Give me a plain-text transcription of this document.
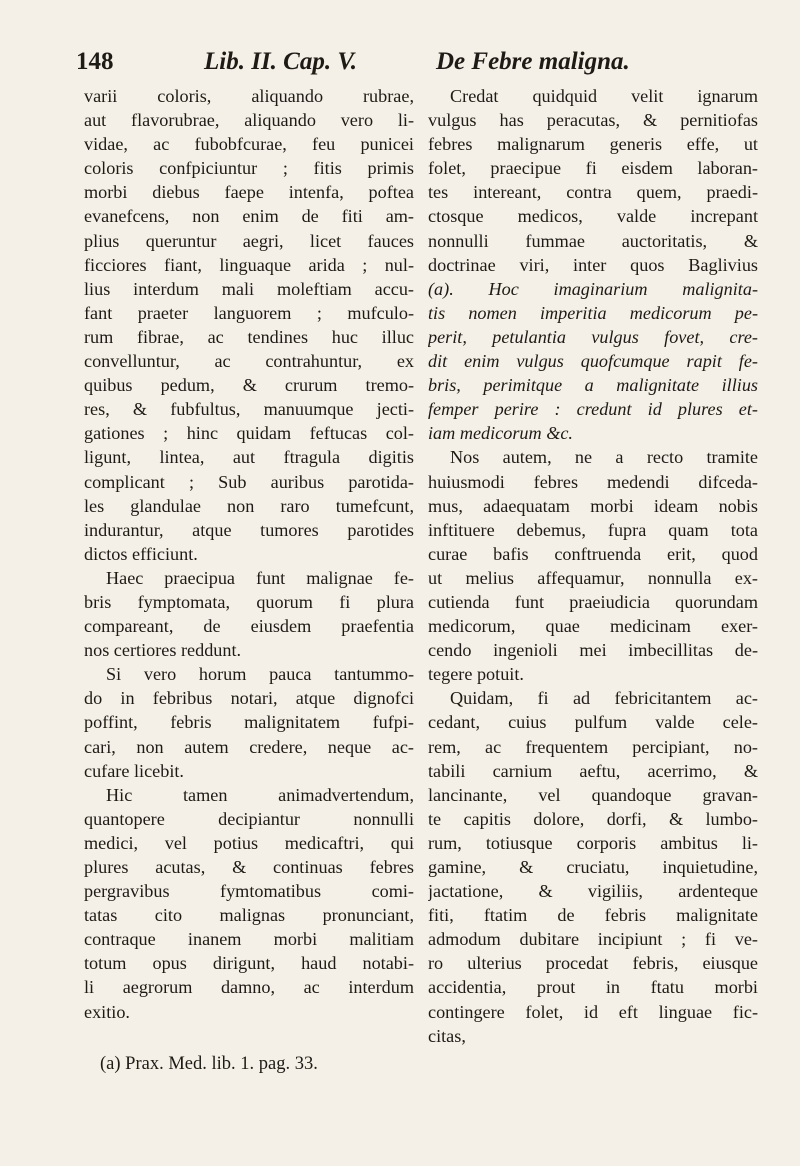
148	Lib. II. Cap. V.	De Febre maligna.
varii coloris, aliquando rubrae,
aut flavorubrae, aliquando vero li-
vidae, ac fubobfcurae, feu punicei
coloris confpiciuntur ; fitis primis
morbi diebus faepe intenfa, poftea
evanefcens, non enim de fiti am-
plius queruntur aegri, licet fauces
ficciores fiant, linguaque arida ; nul-
lius interdum mali moleftiam accu-
fant praeter languorem ; mufculo-
rum fibrae, ac tendines huc illuc
convelluntur, ac contrahuntur, ex
quibus pedum, & crurum tremo-
res, & fubfultus, manuumque jecti-
gationes ; hinc quidam feftucas col-
ligunt, lintea, aut ftragula digitis
complicant ; Sub auribus parotida-
les glandulae non raro tumefcunt,
indurantur, atque tumores parotides
dictos efficiunt.
Haec praecipua funt malignae fe-
bris fymptomata, quorum fi plura
compareant, de eiusdem praefentia
nos certiores reddunt.
Si vero horum pauca tantummo-
do in febribus notari, atque dignofci
poffint, febris malignitatem fufpi-
cari, non autem credere, neque ac-
cufare licebit.
Hic tamen animadvertendum,
quantopere decipiantur nonnulli
medici, vel potius medicaftri, qui
plures acutas, & continuas febres
pergravibus fymtomatibus comi-
tatas cito malignas pronunciant,
contraque inanem morbi malitiam
totum opus dirigunt, haud notabi-
li aegrorum damno, ac interdum
exitio.
Credat quidquid velit ignarum
vulgus has peracutas, & pernitiofas
febres malignarum generis effe, ut
folet, praecipue fi eisdem laboran-
tes intereant, contra quem, praedi-
ctosque medicos, valde increpant
nonnulli fummae auctoritatis, &
doctrinae viri, inter quos Baglivius
(a). Hoc imaginarium malignita-
tis nomen imperitia medicorum pe-
perit, petulantia vulgus fovet, cre-
dit enim vulgus quofcumque rapit fe-
bris, perimitque a malignitate illius
femper perire : credunt id plures et-
iam medicorum &c.
Nos autem, ne a recto tramite
huiusmodi febres medendi difceda-
mus, adaequatam morbi ideam nobis
inftituere debemus, fupra quam tota
curae bafis conftruenda erit, quod
ut melius affequamur, nonnulla ex-
cutienda funt praeiudicia quorundam
medicorum, quae medicinam exer-
cendo ingenioli mei imbecillitas de-
tegere potuit.
Quidam, fi ad febricitantem ac-
cedant, cuius pulfum valde cele-
rem, ac frequentem percipiant, no-
tabili carnium aeftu, acerrimo, &
lancinante, vel quandoque gravan-
te capitis dolore, dorfi, & lumbo-
rum, totiusque corporis ambitus li-
gamine, & cruciatu, inquietudine,
jactatione, & vigiliis, ardenteque
fiti, ftatim de febris malignitate
admodum dubitare incipiunt ; fi ve-
ro ulterius procedat febris, eiusque
accidentia, prout in ftatu morbi
contingere folet, id eft linguae fic-
citas,
(a) Prax. Med. lib. 1. pag. 33.
